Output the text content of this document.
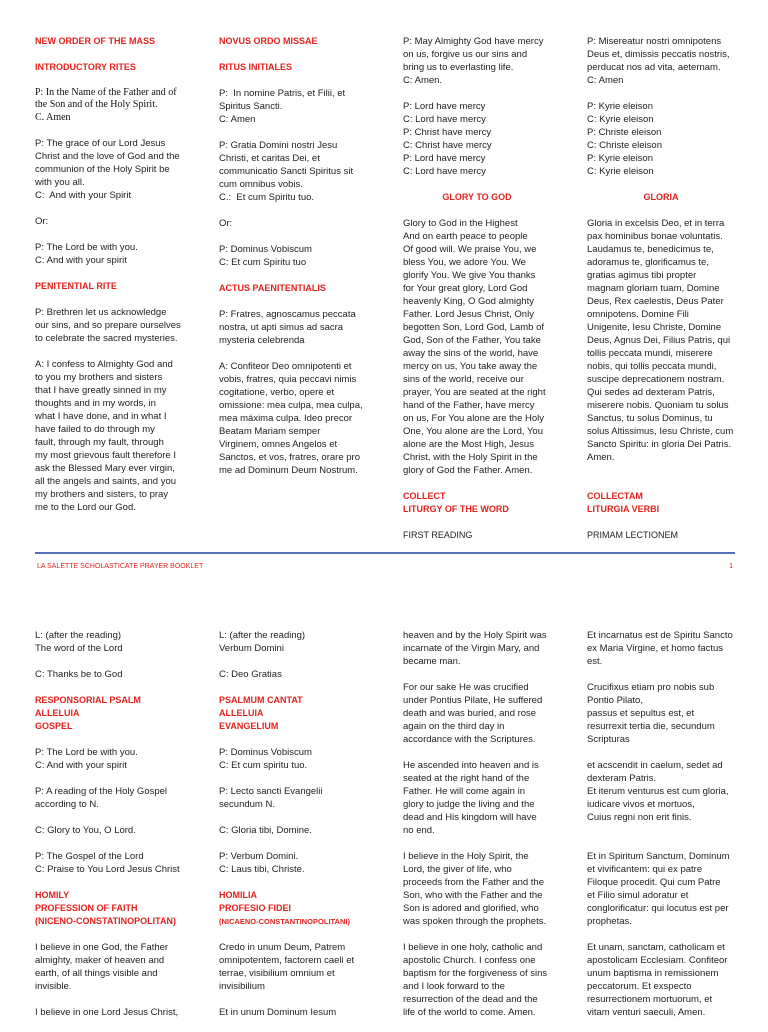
NEW ORDER OF THE MASS

INTRODUCTORY RITES

P: In the Name of the Father and of
the Son and of the Holy Spirit.
C. Amen

P: The grace of our Lord Jesus
Christ and the love of God and the
communion of the Holy Spirit be
with you all.
C:  And with your Spirit

Or:

P: The Lord be with you.
C: And with your spirit

PENITENTIAL RITE

P: Brethren let us acknowledge
our sins, and so prepare ourselves
to celebrate the sacred mysteries.

A: I confess to Almighty God and
to you my brothers and sisters
that I have greatly sinned in my
thoughts and in my words, in
what I have done, and in what I
have failed to do through my
fault, through my fault, through
my most grievous fault therefore I
ask the Blessed Mary ever virgin,
all the angels and saints, and you
my brothers and sisters, to pray
me to the Lord our God.

NOVUS ORDO MISSAE

RITUS INITIALES

P:  In nomine Patris, et Filii, et
Spiritus Sancti.
C: Amen

P: Gratia Domini nostri Jesu
Christi, et caritas Dei, et
communicatio Sancti Spiritus sit
cum omnibus vobis.
C.:  Et cum Spiritu tuo.

Or:

P: Dominus Vobiscum
C: Et cum Spiritu tuo

ACTUS PAENITENTIALIS

P: Fratres, agnoscamus peccata
nostra, ut apti simus ad sacra
mysteria celebrenda

A: Confiteor Deo omnipotenti et
vobis, fratres, quia peccavi nimis
cogitatione, verbo, opere et
omissione: mea culpa, mea culpa,
mea máxima culpa. Ideo precor
Beatam Mariam semper
Virginem, omnes Angelos et
Sanctos, et vos, fratres, orare pro
me ad Dominum Deum Nostrum.

P: May Almighty God have mercy
on us, forgive us our sins and
bring us to everlasting life.
C: Amen.

P: Lord have mercy
C: Lord have mercy
P: Christ have mercy
C: Christ have mercy
P: Lord have mercy
C: Lord have mercy

GLORY TO GOD

Glory to God in the Highest
And on earth peace to people
Of good will. We praise You, we
bless You, we adore You. We
glorify You. We give You thanks
for Your great glory, Lord God
heavenly King, O God almighty
Father. Lord Jesus Christ, Only
begotten Son, Lord God, Lamb of
God, Son of the Father, You take
away the sins of the world, have
mercy on us, You take away the
sins of the world, receive our
prayer, You are seated at the right
hand of the Father, have mercy
on us, For You alone are the Holy
One, You alone are the Lord, You
alone are the Most High, Jesus
Christ, with the Holy Spirit in the
glory of God the Father. Amen.

COLLECT
LITURGY OF THE WORD

FIRST READING

P: Misereatur nostri omnipotens
Deus et, dimissis peccatis nostris,
perducat nos ad vita, aeternam.
C: Amen

P: Kyrie eleison
C: Kyrie eleison
P: Christe eleison
C: Christe eleison
P: Kyrie eleison
C: Kyrie eleison

GLORIA

Gloria in excelsis Deo, et in terra
pax hominibus bonae voluntatis.
Laudamus te, benedicimus te,
adoramus te, glorificamus te,
gratias agimus tibi propter
magnam gloriam tuam, Domine
Deus, Rex caelestis, Deus Pater
omnipotens. Domine Fili
Unigenite, Iesu Christe, Domine
Deus, Agnus Dei, Filius Patris, qui
tollis peccata mundi, miserere
nobis, qui tollis peccata mundi,
suscipe deprecationem nostram.
Qui sedes ad dexteram Patris,
miserere nobis. Quoniam tu solus
Sanctus, tu solus Dominus, tu
solus Altissimus, Iesu Christe, cum
Sancto Spiritu: in gloria Dei Patris.
Amen.

COLLECTAM
LITURGIA VERBI

PRIMAM LECTIONEM

LA SALETTE SCHOLASTICATE PRAYER BOOKLET	1

L: (after the reading)
The word of the Lord

C: Thanks be to God

RESPONSORIAL PSALM
ALLELUIA
GOSPEL

P: The Lord be with you.
C: And with your spirit

P: A reading of the Holy Gospel
according to N.

C: Glory to You, O Lord.

P: The Gospel of the Lord
C: Praise to You Lord Jesus Christ

HOMILY
PROFESSION OF FAITH
(NICENO-CONSTATINOPOLITAN)

I believe in one God, the Father
almighty, maker of heaven and
earth, of all things visible and
invisible.

I believe in one Lord Jesus Christ,

L: (after the reading)
Verbum Domini

C: Deo Gratias

PSALMUM CANTAT
ALLELUIA
EVANGELIUM

P: Dominus Vobiscum
C: Et cum spiritu tuo.

P: Lecto sancti Evangelii
secundum N.

C: Gloria tibi, Domine.

P: Verbum Domini.
C: Laus tibi, Christe.

HOMILIA
PROFESIO FIDEI

(NICAENO-CONSTANTINOPOLITANI)

Credo in unum Deum, Patrem
omnipotentem, factorem caeli et
terrae, visibilium omnium et
invisibilium

Et in unum Dominum Iesum

heaven and by the Holy Spirit was
incarnate of the Virgin Mary, and
became man.

For our sake He was crucified
under Pontius Pilate, He suffered
death and was buried, and rose
again on the third day in
accordance with the Scriptures.

He ascended into heaven and is
seated at the right hand of the
Father. He will come again in
glory to judge the living and the
dead and His kingdom will have
no end.

I believe in the Holy Spirit, the
Lord, the giver of life, who
proceeds from the Father and the
Son, who with the Father and the
Son is adored and glorified, who
was spoken through the prophets.

I believe in one holy, catholic and
apostolic Church. I confess one
baptism for the forgiveness of sins
and I look forward to the
resurrection of the dead and the
life of the world to come. Amen.

Et incarnatus est de Spiritu Sancto
ex Maria Virgine, et homo factus
est.

Crucifixus etiam pro nobis sub
Pontio Pilato,
passus et sepultus est, et
resurrexit tertia die, secundum
Scripturas

et acscendit in caelum, sedet ad
dexteram Patris.
Et iterum venturus est cum gloria,
iudicare vivos et mortuos,
Cuius regni non erit finis.

Et in Spiritum Sanctum, Dominum
et vivificantem: qui ex patre
Filoque procedit. Qui cum Patre
et Filio simul adoratur et
conglorificatur: qui locutus est per
prophetas.

Et unam, sanctam, catholicam et
apostolicam Ecclesiam. Confiteor
unum baptisma in remissionem
peccatorum. Et exspecto
resurrectionem mortuorum, et
vitam venturi saeculi, Amen.
